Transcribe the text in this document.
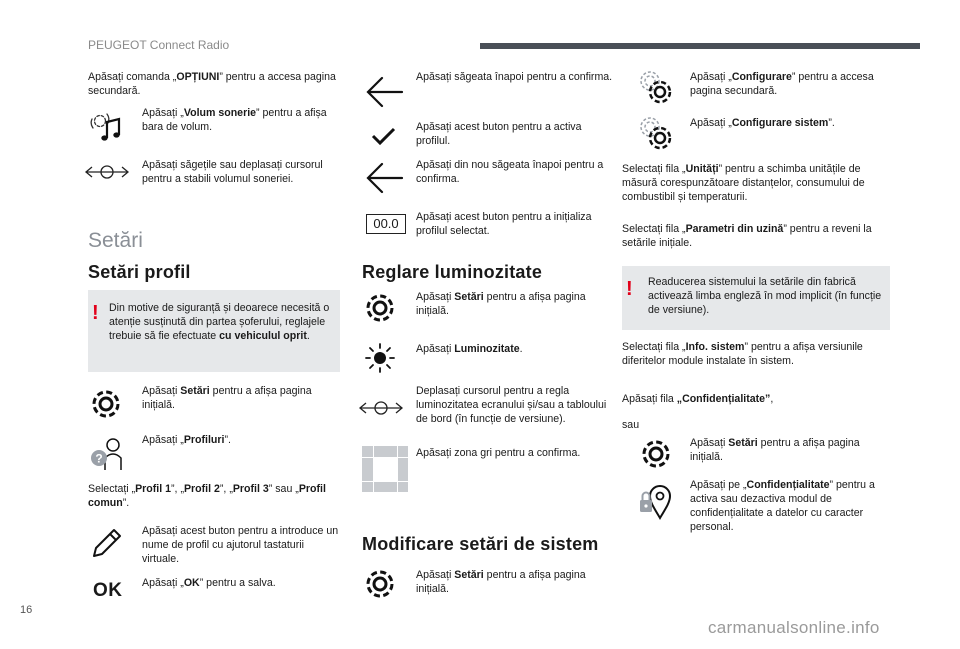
PEUGEOT Connect Radio
Apăsați comanda „OPȚIUNI” pentru a accesa pagina secundară.
Apăsați „Volum sonerie” pentru a afișa bara de volum.
Apăsați săgețile sau deplasați cursorul pentru a stabili volumul soneriei.
Setări
Setări profil
! Din motive de siguranță și deoarece necesită o atenție susținută din partea șoferului, reglajele trebuie să fie efectuate cu vehiculul oprit.
Apăsați Setări pentru a afișa pagina inițială.
?
Apăsați „Profiluri”.
Selectați „Profil 1”, „Profil 2”, „Profil 3” sau „Profil comun”.
Apăsați acest buton pentru a introduce un nume de profil cu ajutorul tastaturii virtuale.
OK Apăsați „OK” pentru a salva.
Apăsați săgeata înapoi pentru a confirma.
Apăsați acest buton pentru a activa profilul.
Apăsați din nou săgeata înapoi pentru a confirma.
00.0	Apăsați acest buton pentru a inițializa profilul selectat.
Reglare luminozitate
Apăsați Setări pentru a afișa pagina inițială.
Apăsați Luminozitate.
Deplasați cursorul pentru a regla luminozitatea ecranului și/sau a tabloului de bord (în funcție de versiune).
Apăsați zona gri pentru a confirma.
Modificare setări de sistem
Apăsați Setări pentru a afișa pagina inițială.
Apăsați „Configurare” pentru a accesa pagina secundară.
Apăsați „Configurare sistem”.
Selectați fila „Unități” pentru a schimba unitățile de măsură corespunzătoare distanțelor, consumului de combustibil și temperaturii.
Selectați fila „Parametri din uzină” pentru a reveni la setările inițiale.
! Readucerea sistemului la setările din fabrică activează limba engleză în mod implicit (în funcție de versiune).
Selectați fila „Info. sistem” pentru a afișa versiunile diferitelor module instalate în sistem.
Apăsați fila „Confidențialitate”,
sau
Apăsați Setări pentru a afișa pagina inițială.
Apăsați pe „Confidențialitate” pentru a activa sau dezactiva modul de confidențialitate a datelor cu caracter personal.
16
carmanualsonline.info
